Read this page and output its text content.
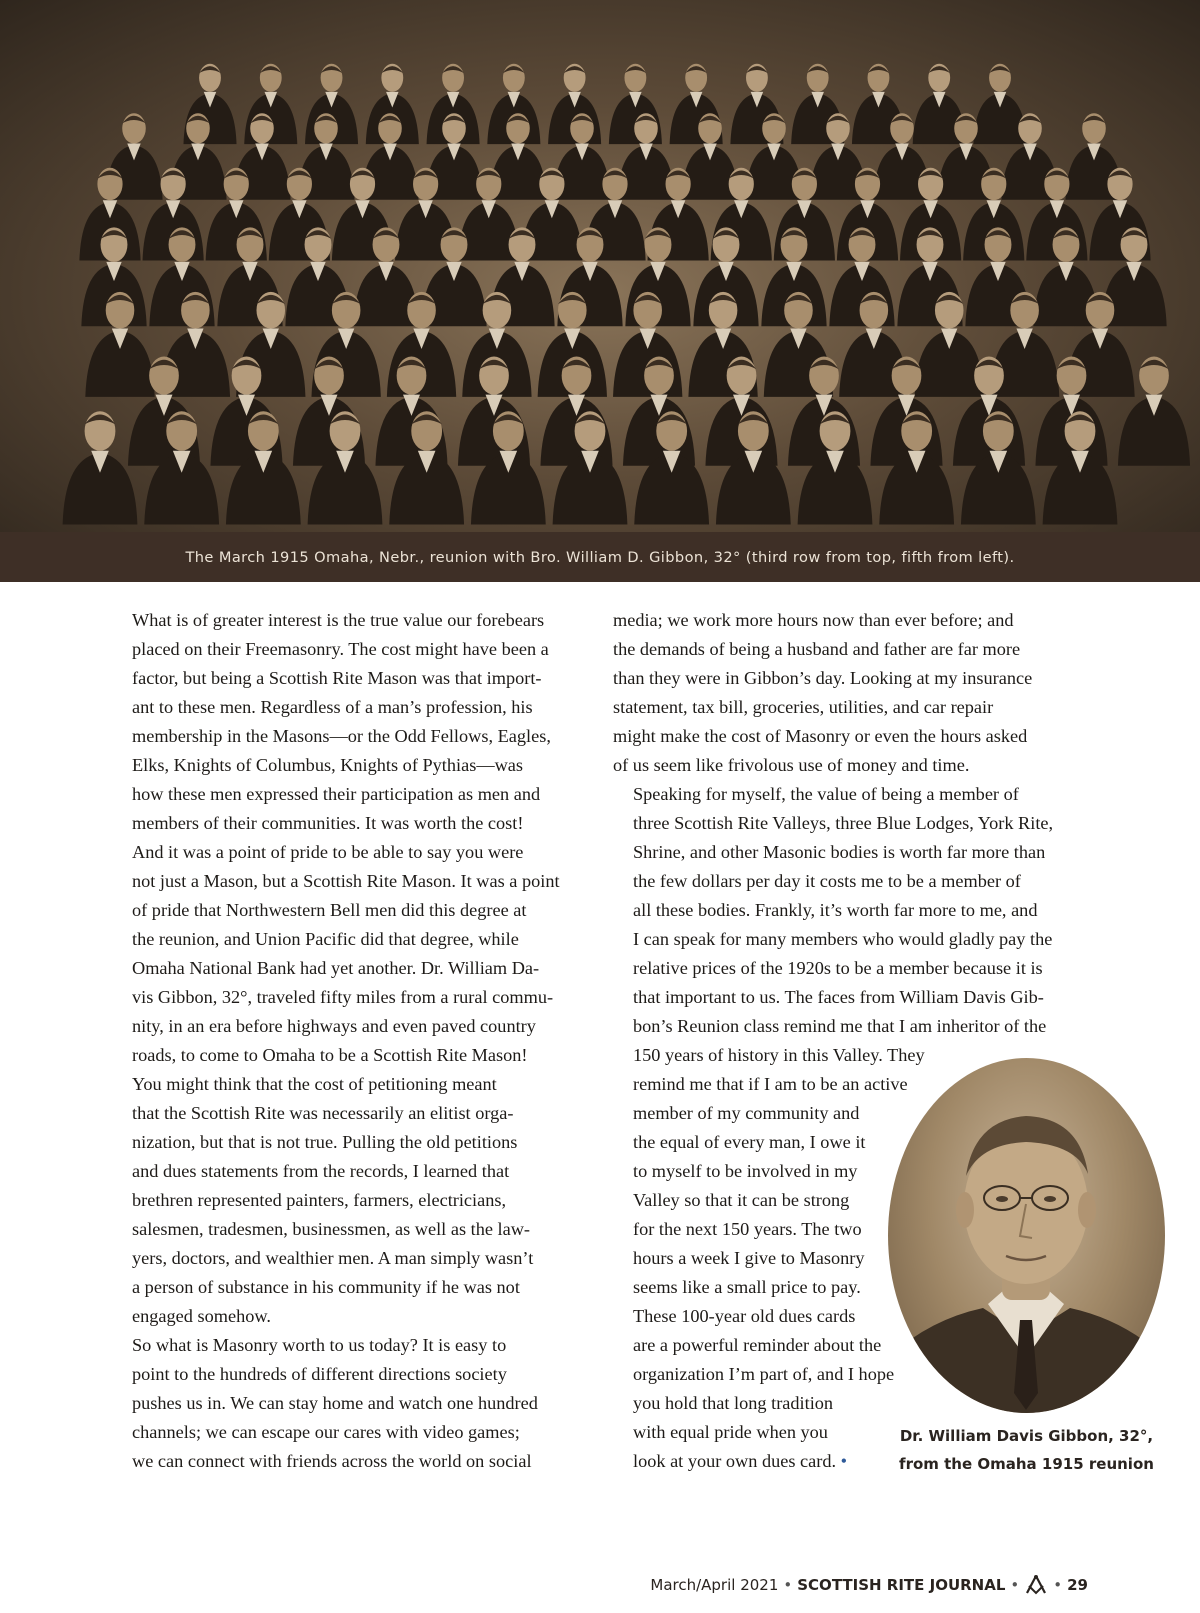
The March 1915 Omaha, Nebr., reunion with Bro. William D. Gibbon, 32° (third row from top, fifth from left).

What is of greater interest is the true value our forebears
placed on their Freemasonry. The cost might have been a
factor, but being a Scottish Rite Mason was that import-
ant to these men. Regardless of a man’s profession, his
membership in the Masons—or the Odd Fellows, Eagles,
Elks, Knights of Columbus, Knights of Pythias—was
how these men expressed their participation as men and
members of their communities. It was worth the cost!

And it was a point of pride to be able to say you were
not just a Mason, but a Scottish Rite Mason. It was a point
of pride that Northwestern Bell men did this degree at
the reunion, and Union Pacific did that degree, while
Omaha National Bank had yet another. Dr. William Da-
vis Gibbon, 32°, traveled fifty miles from a rural commu-
nity, in an era before highways and even paved country
roads, to come to Omaha to be a Scottish Rite Mason!

You might think that the cost of petitioning meant
that the Scottish Rite was necessarily an elitist orga-
nization, but that is not true. Pulling the old petitions
and dues statements from the records, I learned that
brethren represented painters, farmers, electricians,
salesmen, tradesmen, businessmen, as well as the law-
yers, doctors, and wealthier men. A man simply wasn’t
a person of substance in his community if he was not
engaged somehow.

So what is Masonry worth to us today? It is easy to
point to the hundreds of different directions society
pushes us in. We can stay home and watch one hundred
channels; we can escape our cares with video games;
we can connect with friends across the world on social

media; we work more hours now than ever before; and
the demands of being a husband and father are far more
than they were in Gibbon’s day. Looking at my insurance
statement, tax bill, groceries, utilities, and car repair
might make the cost of Masonry or even the hours asked
of us seem like frivolous use of money and time.

Speaking for myself, the value of being a member of
three Scottish Rite Valleys, three Blue Lodges, York Rite,
Shrine, and other Masonic bodies is worth far more than
the few dollars per day it costs me to be a member of
all these bodies. Frankly, it’s worth far more to me, and
I can speak for many members who would gladly pay the
relative prices of the 1920s to be a member because it is
that important to us. The faces from William Davis Gib-
bon’s Reunion class remind me that I am inheritor of the
150 years of history in this Valley. They
remind me that if I am to be an active
member of my community and
the equal of every man, I owe it
to myself to be involved in my
Valley so that it can be strong
for the next 150 years. The two
hours a week I give to Masonry
seems like a small price to pay.

These 100-year old dues cards
are a powerful reminder about the
organization I’m part of, and I hope
you hold that long tradition
with equal pride when you
look at your own dues card. •

Dr. William Davis Gibbon, 32°,
from the Omaha 1915 reunion
March/April 2021 • SCOTTISH RITE JOURNAL • • 29
